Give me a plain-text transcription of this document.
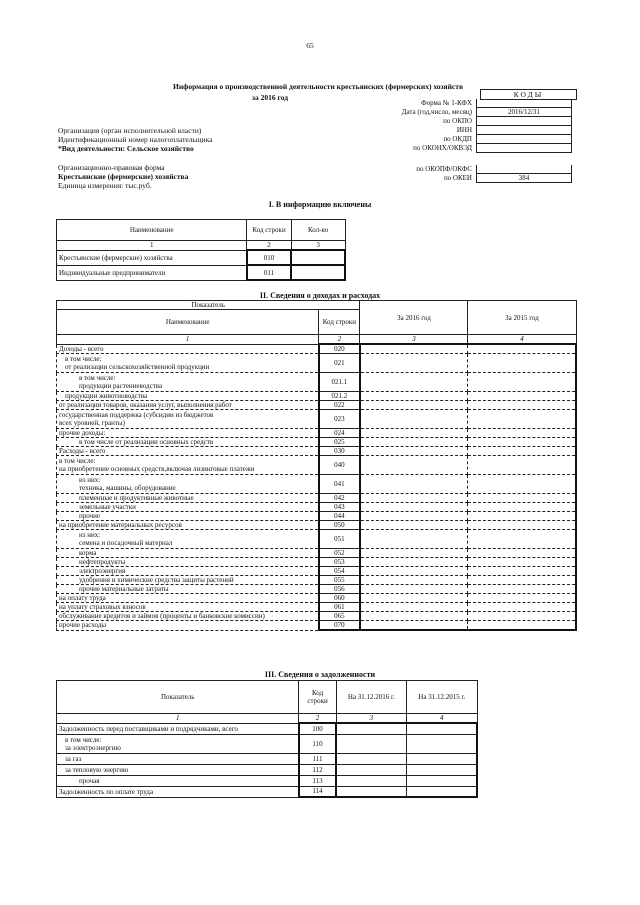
65
Информация о производственной деятельности крестьянских (фермерских) хозяйств
за 2016 год	КОДЫ
Форма № 1-КФХ
Дата (год,число, месяц)	2016/12/31
по ОКПО
ИНН
по ОКДП
по ОКОНХ/ОКВЭД
по ОКОПФ/ОКФС
по ОКЕИ	384
Организация (орган исполнительной власти)
Идентификационный номер налогоплательщика
*Вид деятельности: Сельское хозяйство
Организационно-правовая форма
Крестьянские (фермерские) хозяйства
Единица измерения: тыс.руб.
I. В информацию включены
Наименование	Код строки	Кол-во
1	2	3
Крестьянские (фермерские) хозяйства	010	
Индивидуальные предприниматели	011	
II. Сведения о доходах и расходах
Показатель		За 2016 год	За 2015 год
Наименование	Код строки		
1	2	3	4
Доходы - всего	020		
в том числе:
от реализации сельскохозяйственной продукции	021		
в том числе:
продукции растениеводства	021.1		
продукции животноводства	021.2		
от реализации товаров, оказания услуг, выполнения работ	022		
государственная поддержка (субсидии из бюджетов
всех уровней, гранты)	023		
прочие доходы:	024		
в том числе от реализации основных средств	025		
Расходы - всего	030		
в том числе:
на приобретение основных средств,включая лизинговые платежи	040		
из них:
техника, машины, оборудование	041		
племенные и продуктивные животные	042		
земельные участки	043		
прочие	044		
на приобретение материальных ресурсов	050		
из них:
семена и посадочный материал	051		
корма	052		
нефтепродукты	053		
электроэнергия	054		
удобрения и химические средства защиты растений	055		
прочие материальные затраты	056		
на оплату труда	060		
на уплату страховых взносов	061		
обслуживание кредитов и займов (проценты и банковские комиссии)	065		
прочие расходы	070		
III. Сведения о задолженности
Показатель	Код строки	На 31.12.2016 г.	На 31.12.2015 г.
1	2	3	4
Задолженность перед поставщиками и подрядчиками, всего	100		
в том числе:
за электроэнергию	110		
за газ	111		
за тепловую энергию	112		
прочая	113		
Задолженность по оплате труда	114		
